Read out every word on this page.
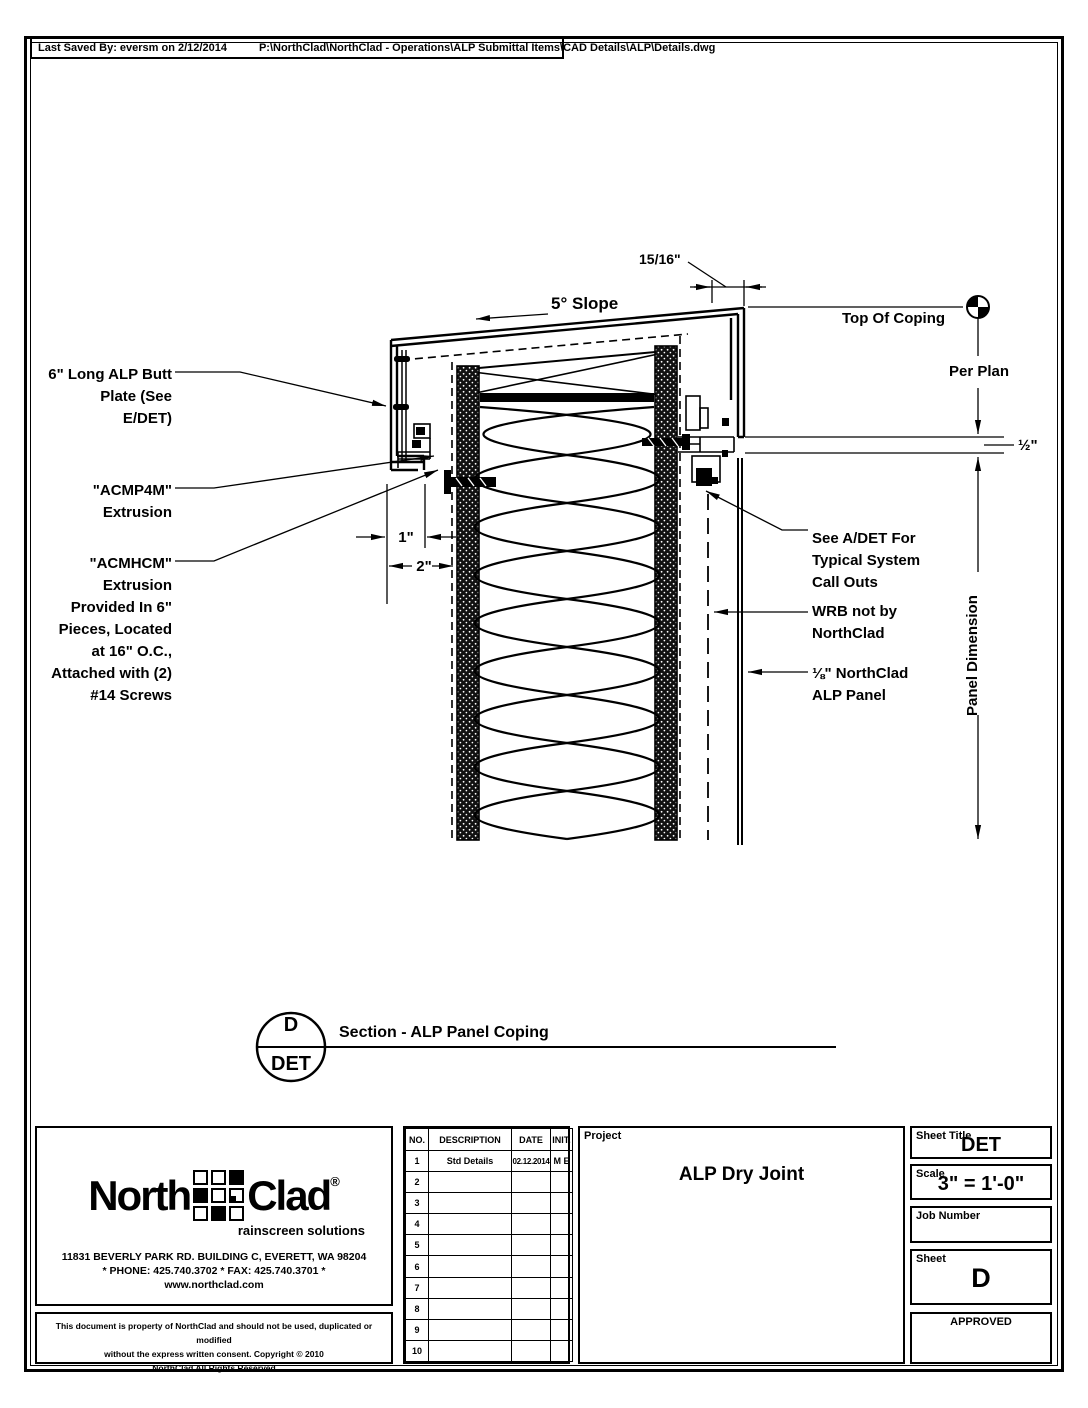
Last Saved By: eversm on 2/12/2014	P:\NorthClad\NorthClad - Operations\ALP Submittal Items\CAD Details\ALP\Details.dwg
6" Long ALP Butt
Plate (See
E/DET)
"ACMP4M"
Extrusion
"ACMHCM"
Extrusion
Provided In 6"
Pieces, Located
at 16" O.C.,
Attached with (2)
#14 Screws
5° Slope
15/16"
Top Of Coping
Per Plan
½"
1"
2"
Panel Dimension
See A/DET For
Typical System
Call Outs
WRB not by
NorthClad
⅛" NorthClad
ALP Panel
D
DET
Section - ALP Panel Coping
North Clad ®
rainscreen solutions
11831 BEVERLY PARK RD. BUILDING C, EVERETT, WA 98204
* PHONE: 425.740.3702 * FAX: 425.740.3701 *
www.northclad.com
This document is property of NorthClad and should not be used, duplicated or modified
without the express written consent. Copyright © 2010
NorthClad All Rights Reserved
NO.	DESCRIPTION	DATE	INIT.
1	Std Details	02.12.2014	M E
2			
3			
4			
5			
6			
7			
8			
9			
10			
Project
ALP Dry Joint
Sheet Title
DET
Scale
3" = 1'-0"
Job Number
Sheet
D
APPROVED
